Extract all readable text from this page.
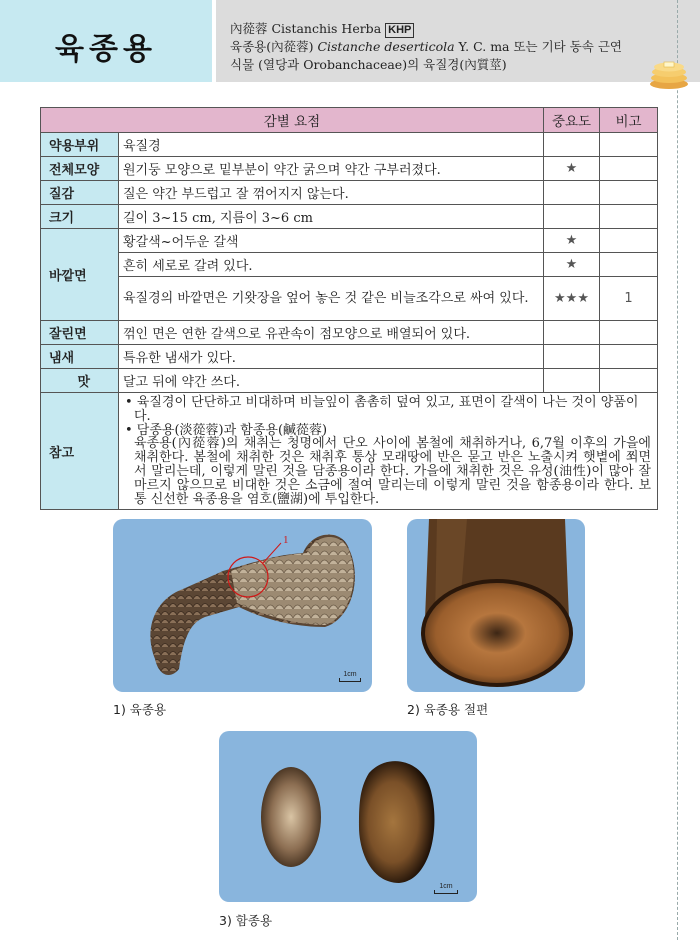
육종용
內蓯蓉 Cistanchis Herba KHP
육종용(內蓯蓉) Cistanche deserticola Y. C. ma 또는 기타 동속 근연
식물 (열당과 Orobanchaceae)의 육질경(內質莖)
감별 요점		중요도	비고
약용부위	육질경		
전체모양	원기둥 모양으로 밑부분이 약간 굵으며 약간 구부러졌다.	★	
질감	질은 약간 부드럽고 잘 꺾어지지 않는다.		
크기	길이 3~15 cm, 지름이 3~6 cm		
바깥면	황갈색~어두운 갈색	★	
	흔히 세로로 갈려 있다.	★	
	육질경의 바깥면은 기왓장을 엎어 놓은 것 같은 비늘조각으로 싸여 있다.	★★★	1
잘린면	꺾인 면은 연한 갈색으로 유관속이 점모양으로 배열되어 있다.		
냄새	특유한 냄새가 있다.		
맛	달고 뒤에 약간 쓰다.		
참고	• 육질경이 단단하고 비대하며 비늘잎이 촘촘히 덮여 있고, 표면이 갈색이 나는 것이 양품이다.
• 담종용(淡蓯蓉)과 함종용(鹹蓯蓉)
육종용(內蓯蓉)의 채취는 청명에서 단오 사이에 봄철에 채취하거나, 6,7월 이후의 가을에 채취한다. 봄철에 채취한 것은 채취후 통상 모래땅에 반은 묻고 반은 노출시켜 햇볕에 쬐면서 말리는데, 이렇게 말린 것을 담종용이라 한다. 가을에 채취한 것은 유성(油性)이 많아 잘 마르지 않으므로 비대한 것은 소금에 절여 말리는데 이렇게 말린 것을 함종용이라 한다. 보통 신선한 육종용을 염호(鹽湖)에 투입한다.		
1
1cm
1) 육종용	2) 육종용 절편
1cm
3) 함종용
